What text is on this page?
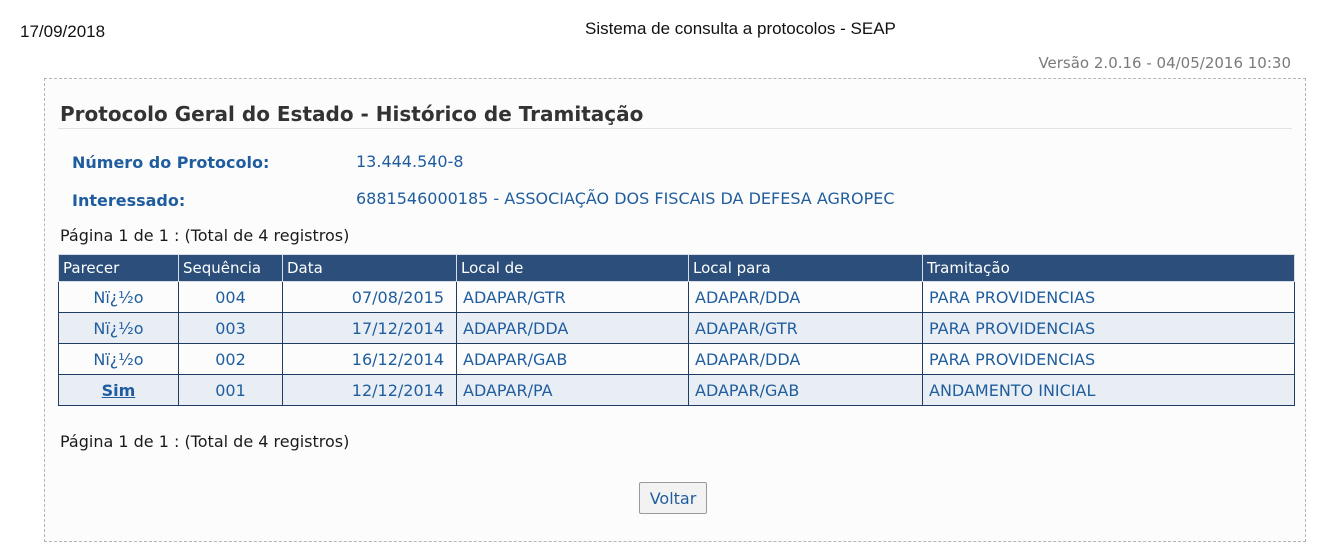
17/09/2018	Sistema de consulta a protocolos - SEAP
Versão 2.0.16 - 04/05/2016 10:30
Protocolo Geral do Estado - Histórico de Tramitação
Número do Protocolo:	13.444.540-8
Interessado:	6881546000185 - ASSOCIAÇÃO DOS FISCAIS DA DEFESA AGROPEC
Página 1 de 1 : (Total de 4 registros)
Parecer	Sequência	Data	Local de	Local para	Tramitação
Nï¿½o	004	07/08/2015	ADAPAR/GTR	ADAPAR/DDA	PARA PROVIDENCIAS
Nï¿½o	003	17/12/2014	ADAPAR/DDA	ADAPAR/GTR	PARA PROVIDENCIAS
Nï¿½o	002	16/12/2014	ADAPAR/GAB	ADAPAR/DDA	PARA PROVIDENCIAS
Sim	001	12/12/2014	ADAPAR/PA	ADAPAR/GAB	ANDAMENTO INICIAL
Página 1 de 1 : (Total de 4 registros)
Voltar
